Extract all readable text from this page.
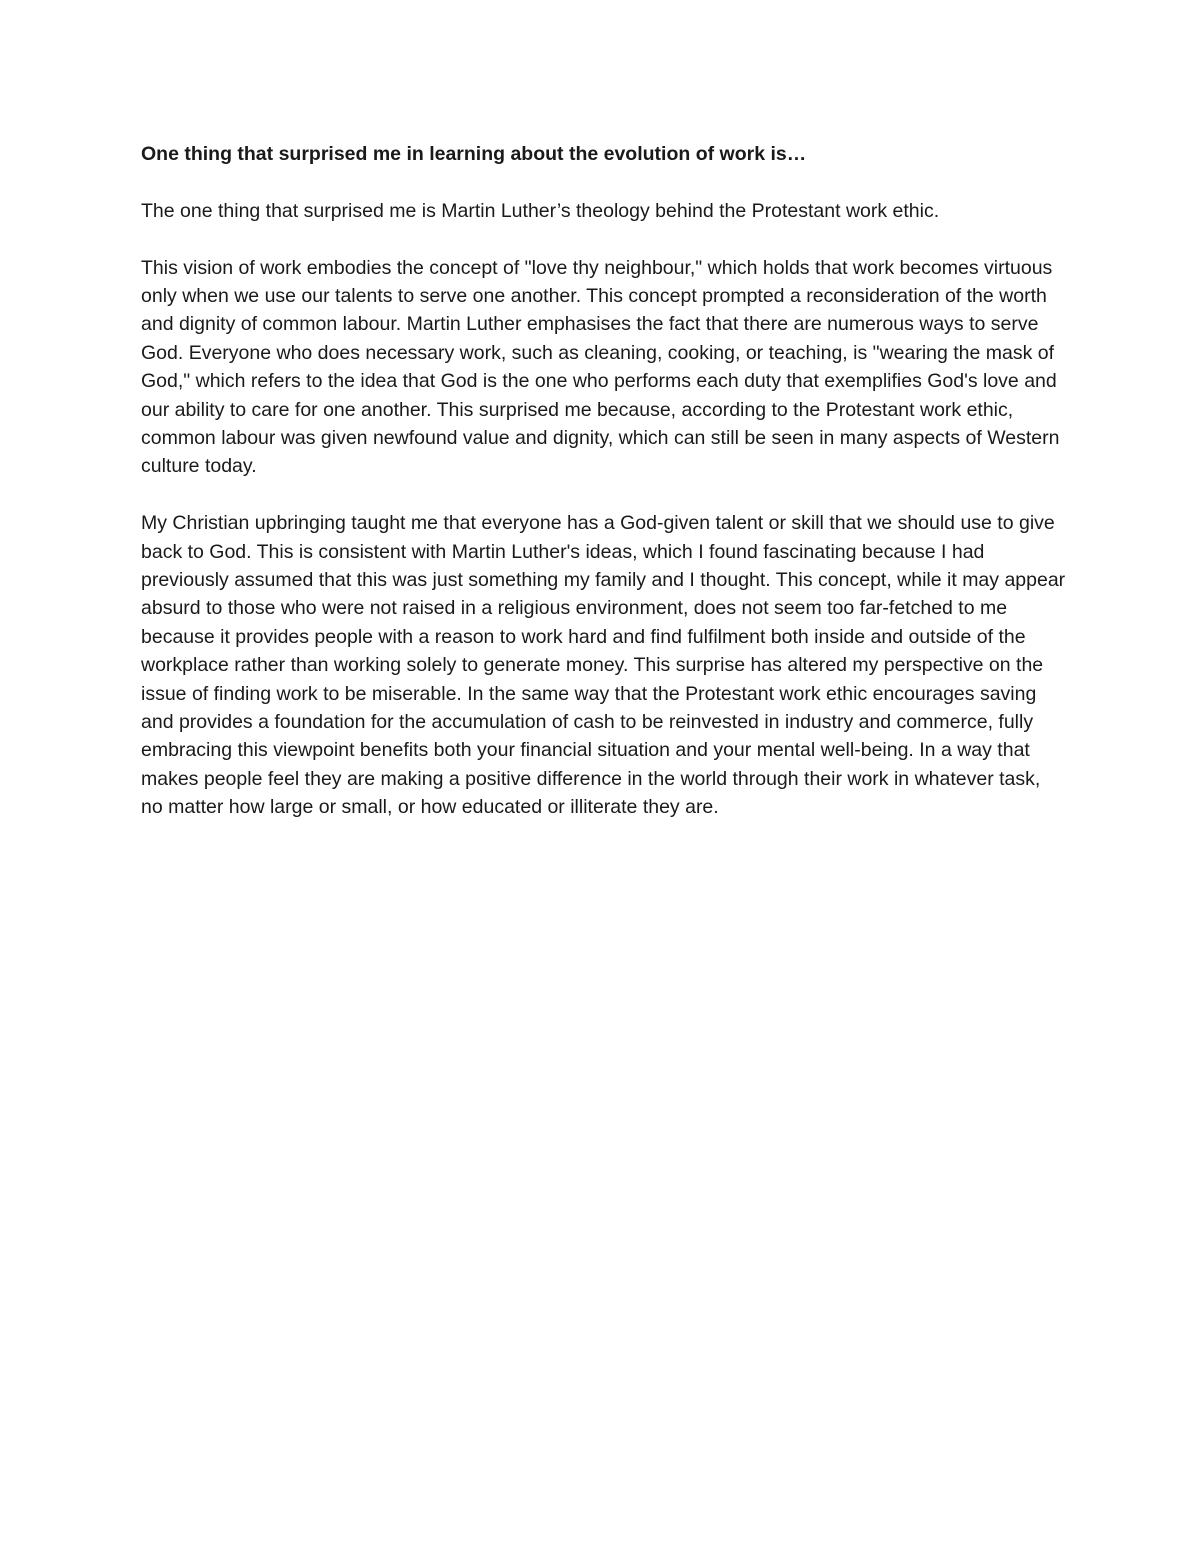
One thing that surprised me in learning about the evolution of work is…

The one thing that surprised me is Martin Luther’s theology behind the Protestant work ethic.

This vision of work embodies the concept of "love thy neighbour," which holds that work becomes virtuous only when we use our talents to serve one another. This concept prompted a reconsideration of the worth and dignity of common labour. Martin Luther emphasises the fact that there are numerous ways to serve God. Everyone who does necessary work, such as cleaning, cooking, or teaching, is "wearing the mask of God," which refers to the idea that God is the one who performs each duty that exemplifies God's love and our ability to care for one another. This surprised me because, according to the Protestant work ethic, common labour was given newfound value and dignity, which can still be seen in many aspects of Western culture today.

My Christian upbringing taught me that everyone has a God-given talent or skill that we should use to give back to God. This is consistent with Martin Luther's ideas, which I found fascinating because I had previously assumed that this was just something my family and I thought. This concept, while it may appear absurd to those who were not raised in a religious environment, does not seem too far-fetched to me because it provides people with a reason to work hard and find fulfilment both inside and outside of the workplace rather than working solely to generate money. This surprise has altered my perspective on the issue of finding work to be miserable. In the same way that the Protestant work ethic encourages saving and provides a foundation for the accumulation of cash to be reinvested in industry and commerce, fully embracing this viewpoint benefits both your financial situation and your mental well-being. In a way that makes people feel they are making a positive difference in the world through their work in whatever task, no matter how large or small, or how educated or illiterate they are.
